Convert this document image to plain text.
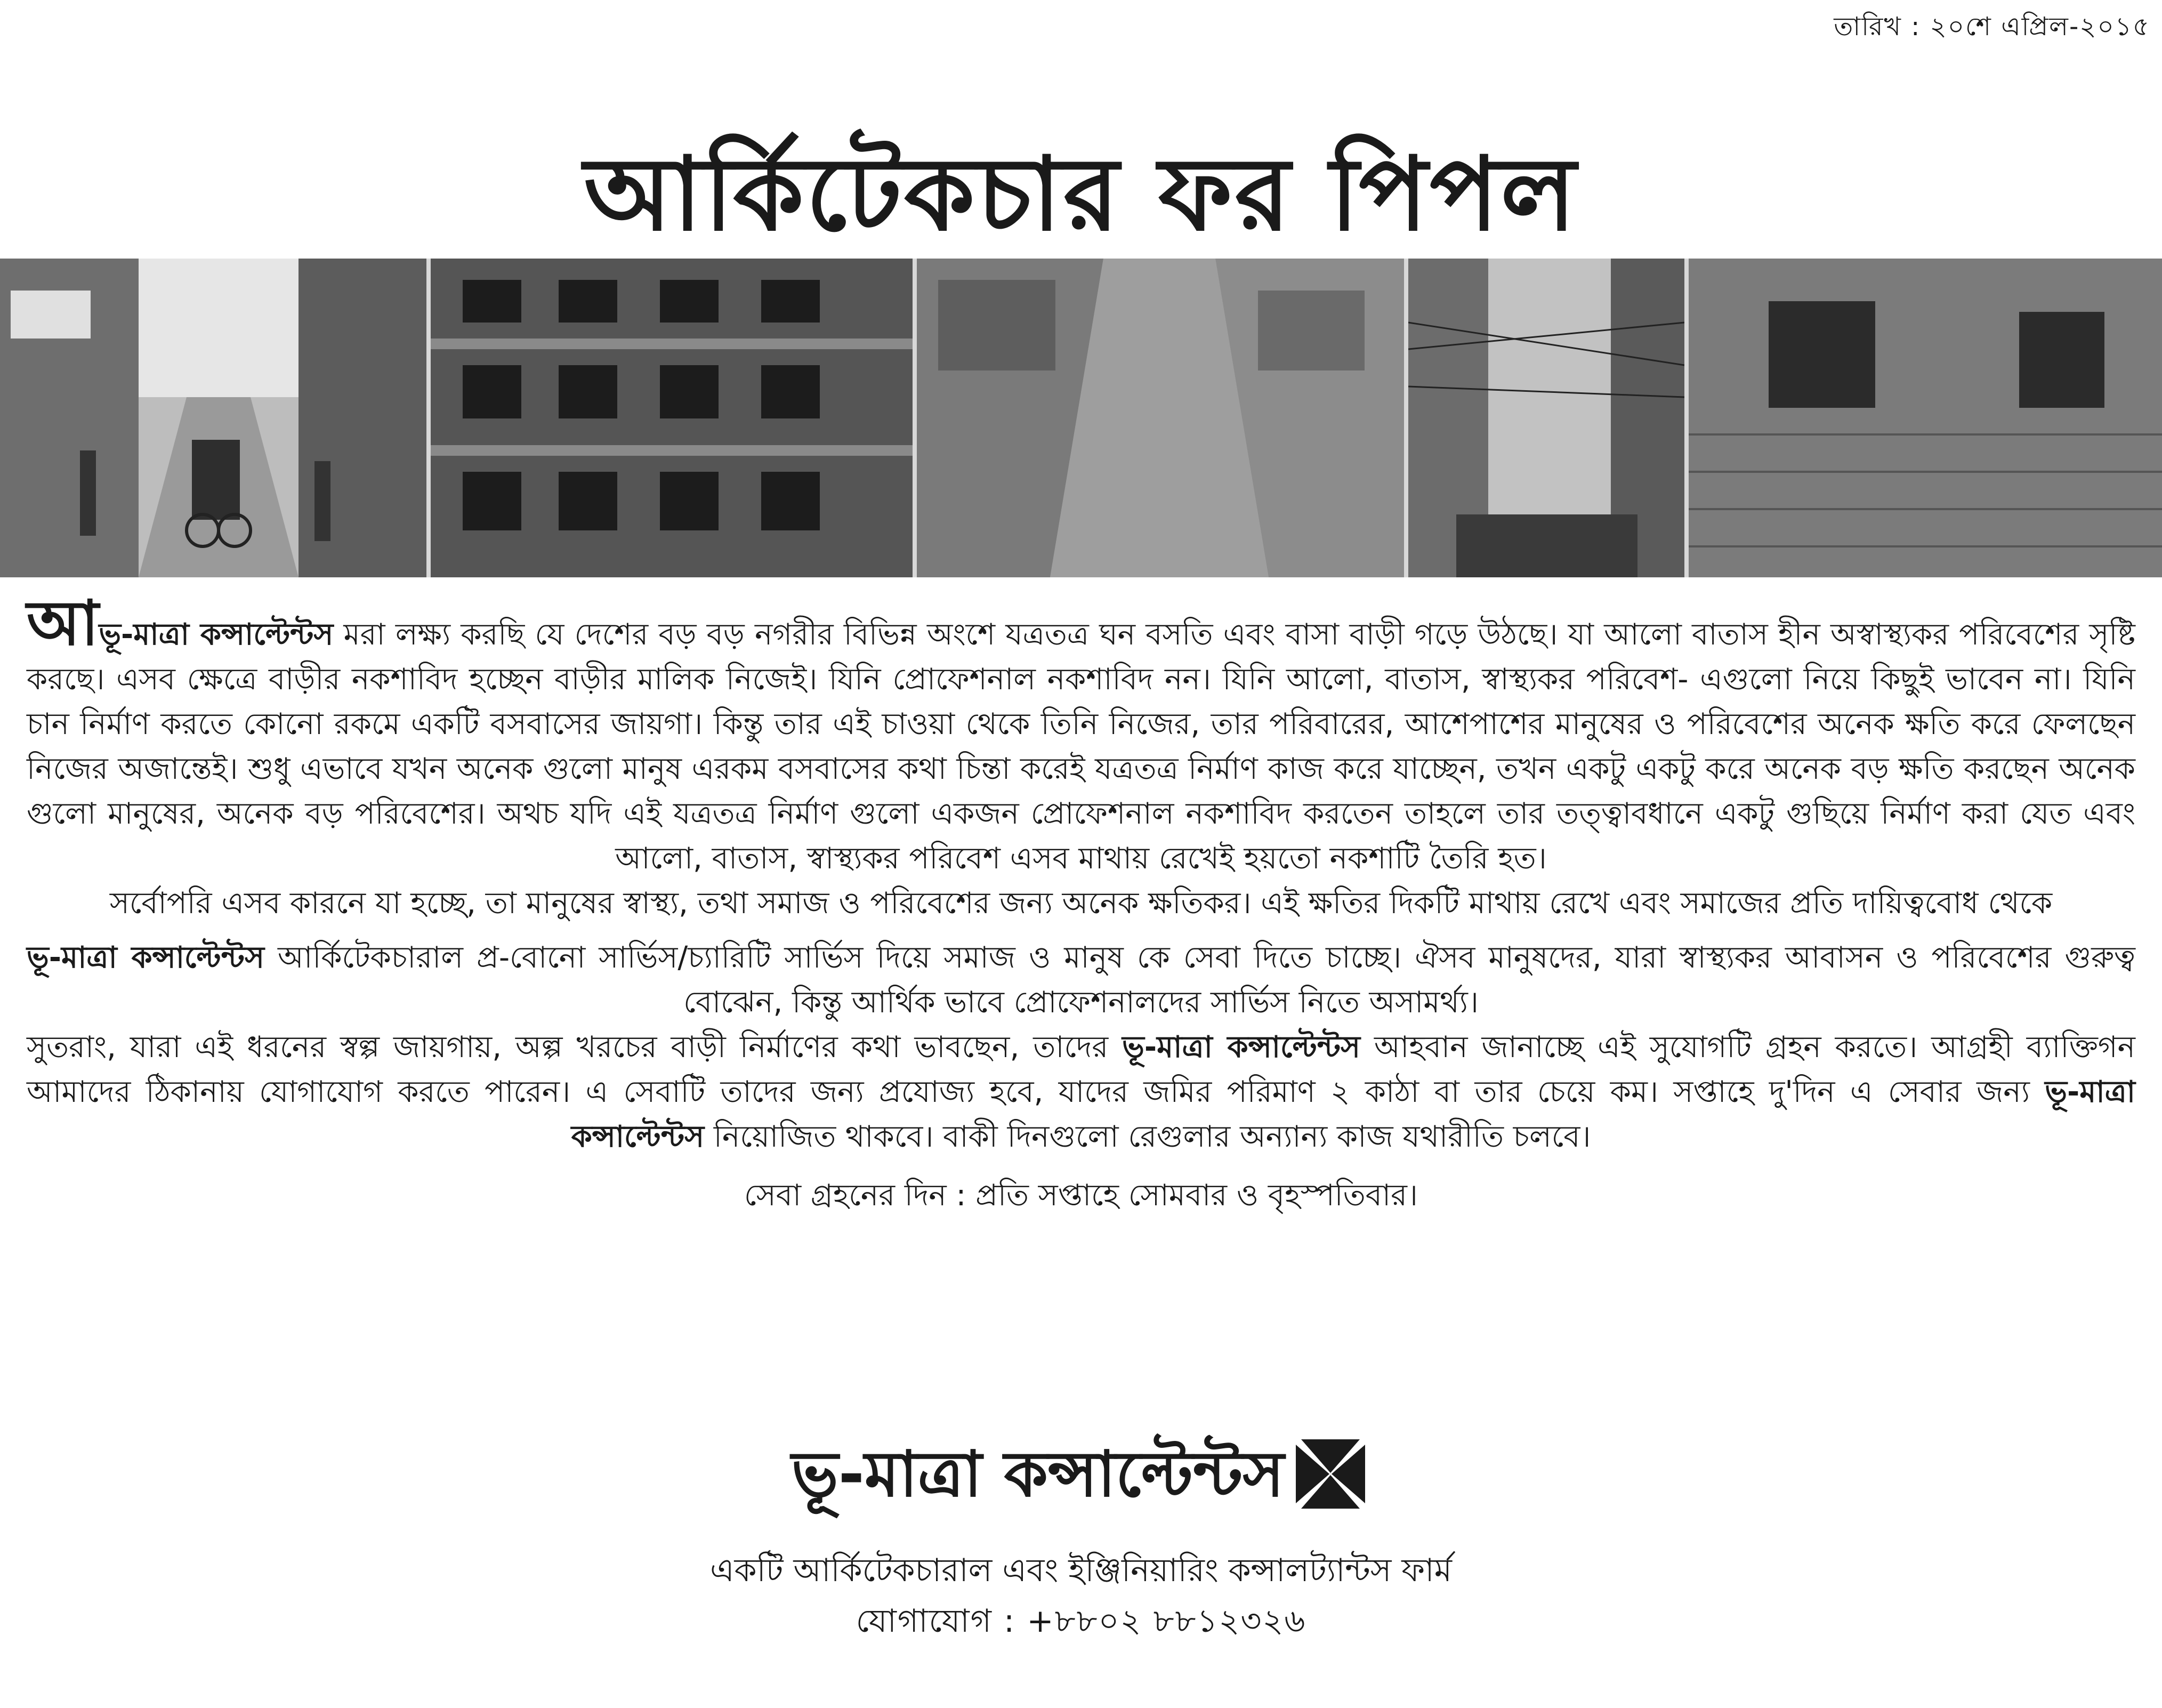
তারিখ : ২০শে এপ্রিল-২০১৫
আর্কিটেকচার ফর পিপল

আভূ-মাত্রা কন্সাল্টেন্টস মরা লক্ষ্য করছি যে দেশের বড় বড় নগরীর বিভিন্ন অংশে যত্রতত্র ঘন বসতি এবং বাসা বাড়ী গড়ে উঠছে। যা আলো বাতাস হীন অস্বাস্থ্যকর পরিবেশের সৃষ্টি করছে। এসব ক্ষেত্রে বাড়ীর নকশাবিদ হচ্ছেন বাড়ীর মালিক নিজেই। যিনি প্রোফেশনাল নকশাবিদ নন। যিনি আলো, বাতাস, স্বাস্থ্যকর পরিবেশ- এগুলো নিয়ে কিছুই ভাবেন না। যিনি চান নির্মাণ করতে কোনো রকমে একটি বসবাসের জায়গা। কিন্তু তার এই চাওয়া থেকে তিনি নিজের, তার পরিবারের, আশেপাশের মানুষের ও পরিবেশের অনেক ক্ষতি করে ফেলছেন নিজের অজান্তেই। শুধু এভাবে যখন অনেক গুলো মানুষ এরকম বসবাসের কথা চিন্তা করেই যত্রতত্র নির্মাণ কাজ করে যাচ্ছেন, তখন একটু একটু করে অনেক বড় ক্ষতি করছেন অনেক গুলো মানুষের, অনেক বড় পরিবেশের। অথচ যদি এই যত্রতত্র নির্মাণ গুলো একজন প্রোফেশনাল নকশাবিদ করতেন তাহলে তার তত্ত্বাবধানে একটু গুছিয়ে নির্মাণ করা যেত এবং আলো, বাতাস, স্বাস্থ্যকর পরিবেশ এসব মাথায় রেখেই হয়তো নকশাটি তৈরি হত।

সর্বোপরি এসব কারনে যা হচ্ছে, তা মানুষের স্বাস্থ্য, তথা সমাজ ও পরিবেশের জন্য অনেক ক্ষতিকর। এই ক্ষতির দিকটি মাথায় রেখে এবং সমাজের প্রতি দায়িত্ববোধ থেকে

ভূ-মাত্রা কন্সাল্টেন্টস আর্কিটেকচারাল প্র-বোনো সার্ভিস/চ্যারিটি সার্ভিস দিয়ে সমাজ ও মানুষ কে সেবা দিতে চাচ্ছে। ঐসব মানুষদের, যারা স্বাস্থ্যকর আবাসন ও পরিবেশের গুরুত্ব বোঝেন, কিন্তু আর্থিক ভাবে প্রোফেশনালদের সার্ভিস নিতে অসামর্থ্য।

সুতরাং, যারা এই ধরনের স্বল্প জায়গায়, অল্প খরচের বাড়ী নির্মাণের কথা ভাবছেন, তাদের ভূ-মাত্রা কন্সাল্টেন্টস আহবান জানাচ্ছে এই সুযোগটি গ্রহন করতে। আগ্রহী ব্যাক্তিগন আমাদের ঠিকানায় যোগাযোগ করতে পারেন। এ সেবাটি তাদের জন্য প্রযোজ্য হবে, যাদের জমির পরিমাণ ২ কাঠা বা তার চেয়ে কম। সপ্তাহে দু'দিন এ সেবার জন্য ভূ-মাত্রা কন্সাল্টেন্টস নিয়োজিত থাকবে। বাকী দিনগুলো রেগুলার অন্যান্য কাজ যথারীতি চলবে।

সেবা গ্রহনের দিন : প্রতি সপ্তাহে সোমবার ও বৃহস্পতিবার।

ভূ-মাত্রা কন্সাল্টেন্টস
একটি আর্কিটেকচারাল এবং ইঞ্জিনিয়ারিং কন্সালট্যান্টস ফার্ম
যোগাযোগ : +৮৮০২ ৮৮১২৩২৬
